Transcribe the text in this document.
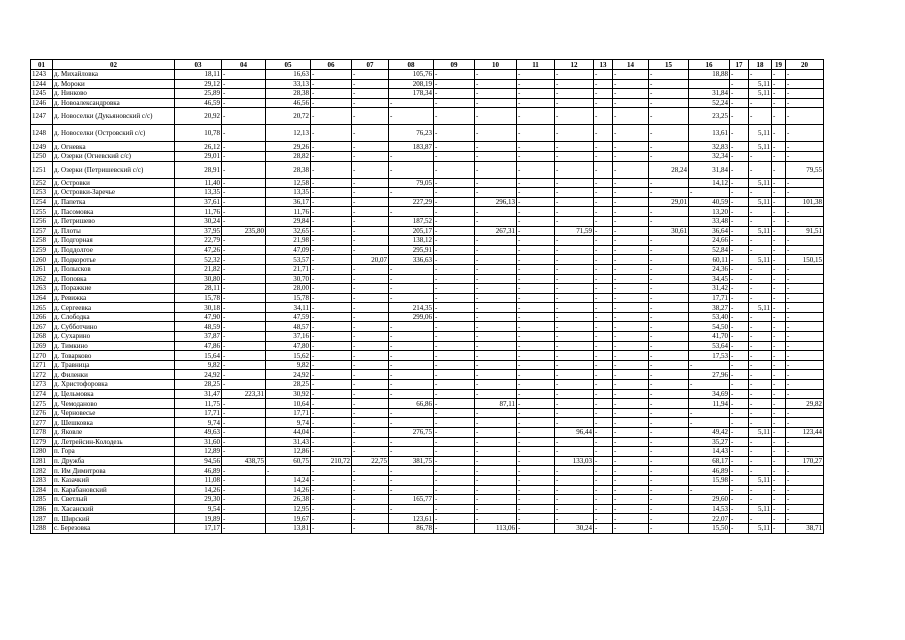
01	02	03	04	05	06	07	08	09	10	11	12	13	14	15	16	17	18	19	20
1243	д. Михайловка	18,11	-	16,63	-	-	105,76	-	-	-	-	-	-	-	18,88	-	-	-	-
1244	д. Мороки	29,12	-	33,13	-	-	208,19	-	-	-	-	-	-	-		-	5,11	-	-
1245	д. Нинково	25,89	-	28,38	-	-	178,34	-	-	-	-	-	-	-	31,84	-	5,11	-	-
1246	д. Новоалександровка	46,59	-	46,56	-	-	-	-	-	-	-	-	-	-	52,24	-	-	-	-
1247	д. Новоселки (Дукьяновский с/с)	20,92	-	20,72	-	-	-	-	-	-	-	-	-	-	23,25	-	-	-	-
1248	д. Новоселки (Островский с/с)	10,78	-	12,13	-	-	76,23	-	-	-	-	-	-	-	13,61	-	5,11	-	-
1249	д. Огневка	26,12	-	29,26	-	-	183,87	-	-	-	-	-	-	-	32,83	-	5,11	-	-
1250	д. Озерки (Огневский с/с)	29,01	-	28,82	-	-	-	-	-	-	-	-	-	-	32,34	-	-	-	-
1251	д. Озерки (Петришевский с/с)	28,91	-	28,38	-	-	-	-	-	-	-	-	-	28,24	31,84	-	-	-	79,55
1252	д. Островки	11,40	-	12,58	-	-	79,05	-	-	-	-	-	-	-	14,12	-	5,11	-	-
1253	д. Островки-Заречье	13,35	-	13,35	-	-	-	-	-	-	-	-	-	-	-	-	-	-	-
1254	д. Папетка	37,61	-	36,17	-	-	227,29	-	296,13	-	-	-	-	29,01	40,59	-	5,11	-	101,38
1255	д. Пасомовка	11,76	-	11,76	-	-	-	-	-	-	-	-	-	-	13,20	-	-	-	-
1256	д. Петришево	30,24	-	29,84	-	-	187,52	-	-	-	-	-	-	-	33,48	-	-	-	-
1257	д. Плоты	37,95	235,80	32,65	-	-	205,17	-	267,31	-	71,59	-	-	30,61	36,64	-	5,11	-	91,51
1258	д. Подгорная	22,79	-	21,98	-	-	138,12	-	-	-	-	-	-	-	24,66	-	-	-	-
1259	д. Поддолгое	47,26	-	47,09	-	-	295,91	-	-	-	-	-	-	-	52,84	-	-	-	-
1260	д. Подкоротье	52,32	-	53,57	-	20,07	336,63	-	-	-	-	-	-	-	60,11	-	5,11	-	150,15
1261	д. Полысков	21,82	-	21,71	-	-	-	-	-	-	-	-	-	-	24,36	-	-	-	-
1262	д. Поповка	30,80	-	30,70	-	-	-	-	-	-	-	-	-	-	34,45	-	-	-	-
1263	д. Поражкие	28,11	-	28,00	-	-	-	-	-	-	-	-	-	-	31,42	-	-	-	-
1264	д. Ревижка	15,78	-	15,78	-	-	-	-	-	-	-	-	-	-	17,71	-	-	-	-
1265	д. Сергеевка	30,18	-	34,11	-	-	214,35	-	-	-	-	-	-	-	38,27	-	5,11	-	-
1266	д. Слободка	47,90	-	47,59	-	-	299,06	-	-	-	-	-	-	-	53,40	-	-	-	-
1267	д. Субботчино	48,59	-	48,57	-	-	-	-	-	-	-	-	-	-	54,50	-	-	-	-
1268	д. Сухарино	37,87	-	37,16	-	-	-	-	-	-	-	-	-	-	41,70	-	-	-	-
1269	д. Тимкино	47,86	-	47,80	-	-	-	-	-	-	-	-	-	-	53,64	-	-	-	-
1270	д. Товарково	15,64	-	15,62	-	-	-	-	-	-	-	-	-	-	17,53	-	-	-	-
1271	д. Травница	9,82	-	9,82	-	-	-	-	-	-	-	-	-	-	-	-	-	-	-
1272	д. Филенки	24,92	-	24,92	-	-	-	-	-	-	-	-	-	-	27,96	-	-	-	-
1273	д. Христофоровка	28,25	-	28,25	-	-	-	-	-	-	-	-	-	-	-	-	-	-	-
1274	д. Цельмовка	31,47	223,31	30,92	-	-	-	-	-	-	-	-	-	-	34,69	-	-	-	-
1275	д. Чемоданово	11,75	-	10,64	-	-	66,86	-	87,11	-	-	-	-	-	11,94	-	-	-	29,82
1276	д. Черновесье	17,71	-	17,71	-	-	-	-	-	-	-	-	-	-	-	-	-	-	-
1277	д. Шешковка	9,74	-	9,74	-	-	-	-	-	-	-	-	-	-	-	-	-	-	-
1278	д. Яковле	49,63	-	44,04	-	-	276,75	-	-	-	96,44	-	-	-	49,42	-	5,11	-	123,44
1279	д. Летрейсин-Колодезь	31,60	-	31,43	-	-	-	-	-	-	-	-	-	-	35,27	-	-	-	-
1280	п. Гора	12,89	-	12,86	-	-	-	-	-	-	-	-	-	-	14,43	-	-	-	-
1281	п. Дружба	94,56	438,75	60,75	210,72	22,75	381,75	-	-	-	133,03	-	-	-	68,17	-	-	-	170,27
1282	п. Им Димитрова	46,89	-	-	-	-	-	-	-	-	-	-	-	-	46,89	-	-	-	-
1283	п. Казачкий	11,08	-	14,24	-	-	-	-	-	-	-	-	-	-	15,98	-	5,11	-	-
1284	п. Карабановский	14,26	-	14,26	-	-	-	-	-	-	-	-	-	-	-	-	-	-	-
1285	п. Светлый	29,30	-	26,38	-	-	165,77	-	-	-	-	-	-	-	29,60	-	-	-	-
1286	п. Хасанский	9,54	-	12,95	-	-	-	-	-	-	-	-	-	-	14,53	-	5,11	-	-
1287	п. Ширский	19,89	-	19,67	-	-	123,61	-	-	-	-	-	-	-	22,07	-	-	-	-
1288	с. Березовка	17,17	-	13,81	-	-	86,78	-	113,06	-	30,24	-	-	-	15,50	-	5,11	-	38,71
